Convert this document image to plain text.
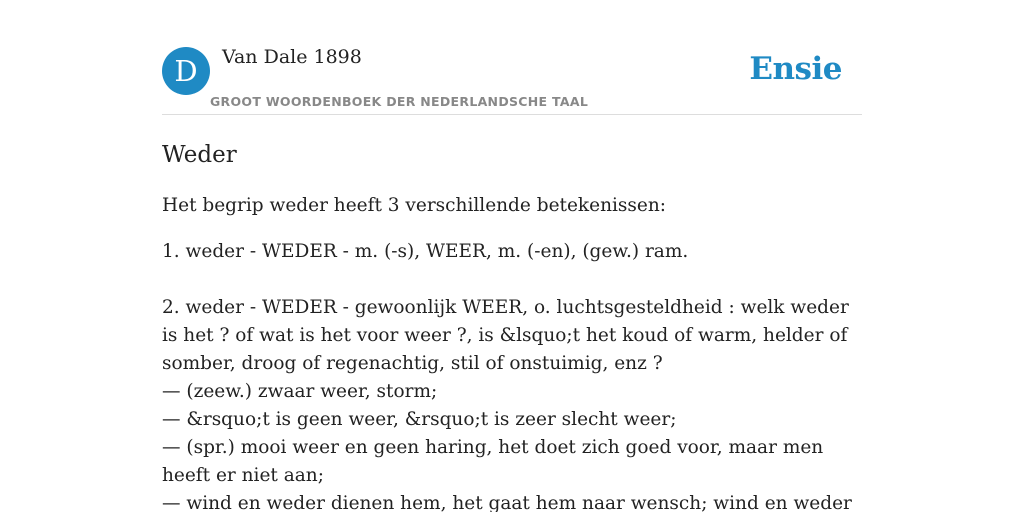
D	Van Dale 1898
GROOT WOORDENBOEK DER NEDERLANDSCHE TAAL
Ensie
Weder

Het begrip weder heeft 3 verschillende betekenissen:

1. weder - WEDER - m. (-s), WEER, m. (-en), (gew.) ram.

2. weder - WEDER - gewoonlijk WEER, o. luchtsgesteldheid : welk weder is het ? of wat is het voor weer ?, is &lsquo;t het koud of warm, helder of somber, droog of regenachtig, stil of onstuimig, enz ?
— (zeew.) zwaar weer, storm;
— &rsquo;t is geen weer, &rsquo;t is zeer slecht weer;
— (spr.) mooi weer en geen haring, het doet zich goed voor, maar men heeft er niet aan;
— wind en weder dienen hem, het gaat hem naar wensch; wind en weder
